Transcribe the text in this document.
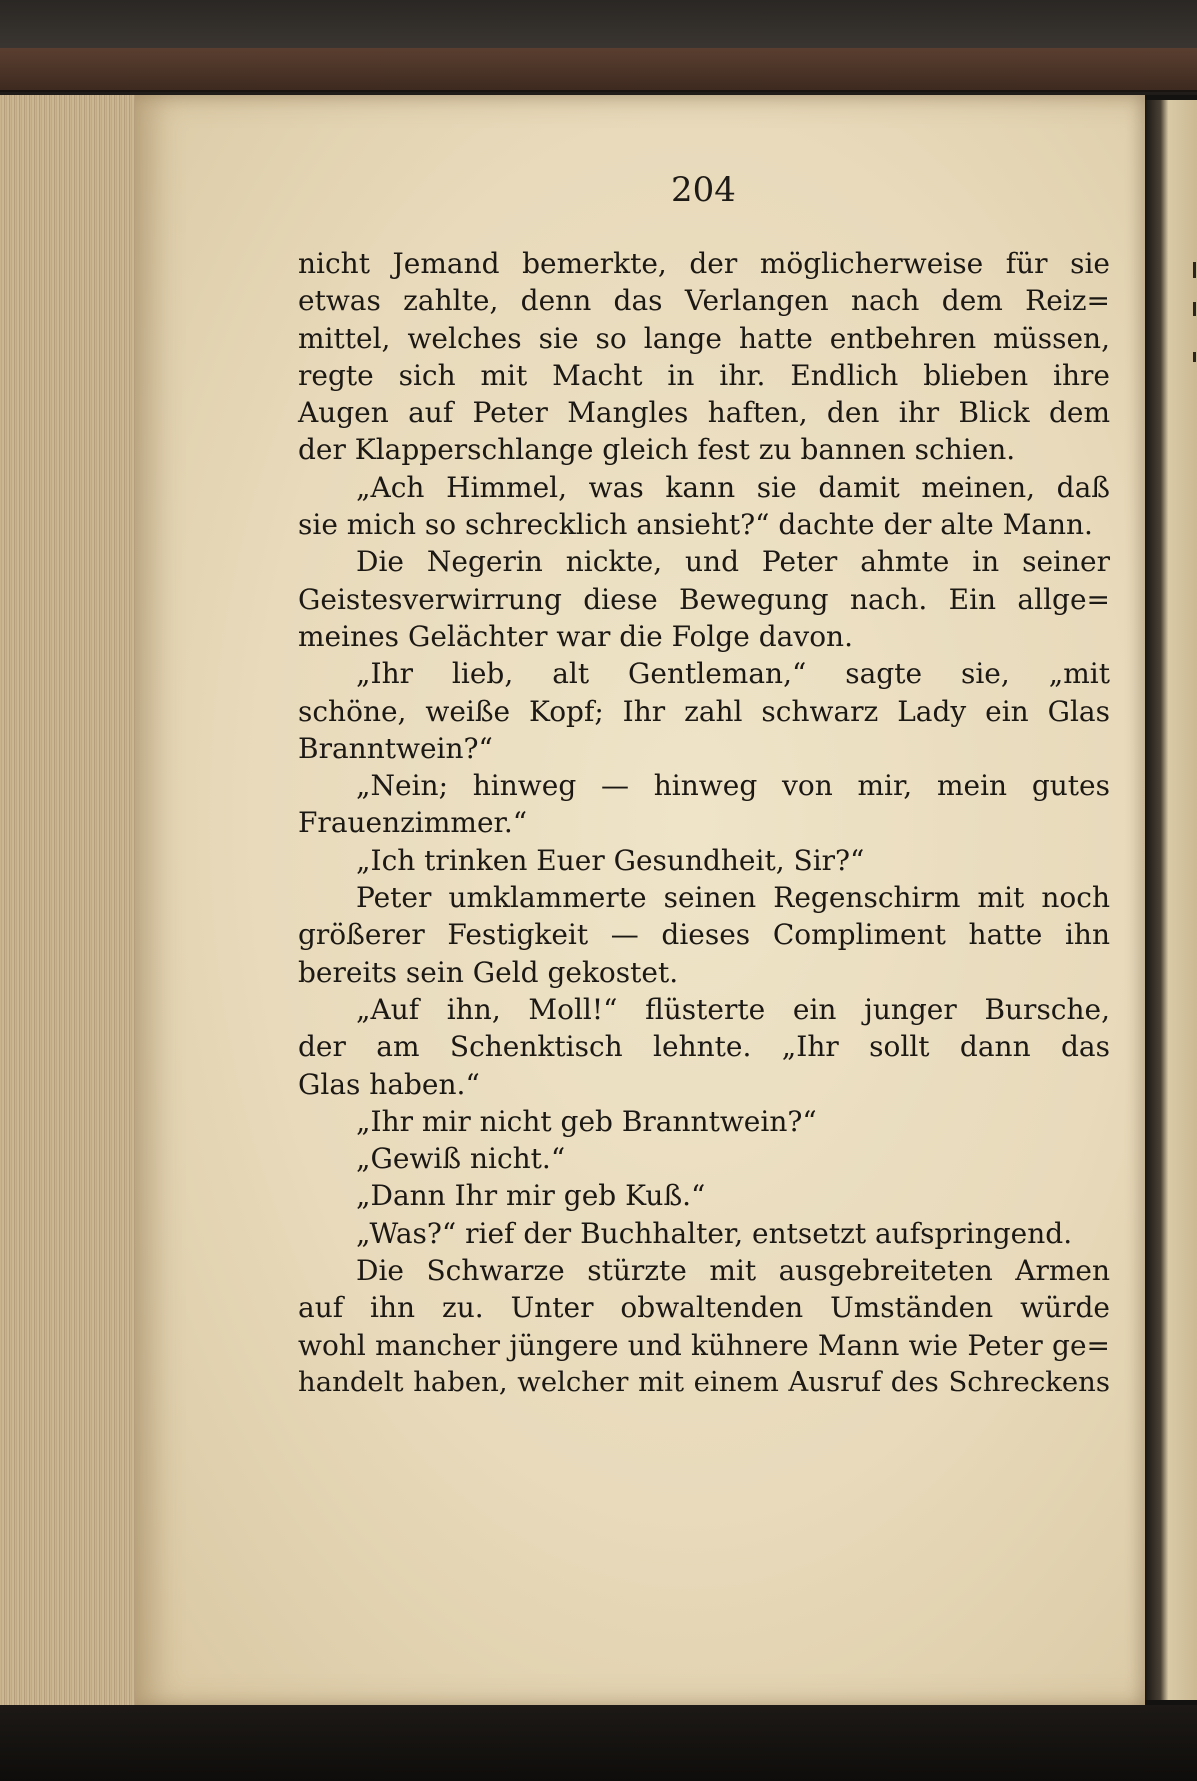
204
nicht Jemand bemerkte, der möglicherweise für sie
etwas zahlte, denn das Verlangen nach dem Reiz=
mittel, welches sie so lange hatte entbehren müssen,
regte sich mit Macht in ihr. Endlich blieben ihre
Augen auf Peter Mangles haften, den ihr Blick dem
der Klapperschlange gleich fest zu bannen schien.
„Ach Himmel, was kann sie damit meinen, daß
sie mich so schrecklich ansieht?“ dachte der alte Mann.
Die Negerin nickte, und Peter ahmte in seiner
Geistesverwirrung diese Bewegung nach. Ein allge=
meines Gelächter war die Folge davon.
„Ihr lieb, alt Gentleman,“ sagte sie, „mit
schöne, weiße Kopf; Ihr zahl schwarz Lady ein Glas
Branntwein?“
„Nein; hinweg — hinweg von mir, mein gutes
Frauenzimmer.“
„Ich trinken Euer Gesundheit, Sir?“
Peter umklammerte seinen Regenschirm mit noch
größerer Festigkeit — dieses Compliment hatte ihn
bereits sein Geld gekostet.
„Auf ihn, Moll!“ flüsterte ein junger Bursche,
der am Schenktisch lehnte. „Ihr sollt dann das
Glas haben.“
„Ihr mir nicht geb Branntwein?“
„Gewiß nicht.“
„Dann Ihr mir geb Kuß.“
„Was?“ rief der Buchhalter, entsetzt aufspringend.
Die Schwarze stürzte mit ausgebreiteten Armen
auf ihn zu. Unter obwaltenden Umständen würde
wohl mancher jüngere und kühnere Mann wie Peter ge=
handelt haben, welcher mit einem Ausruf des Schreckens
